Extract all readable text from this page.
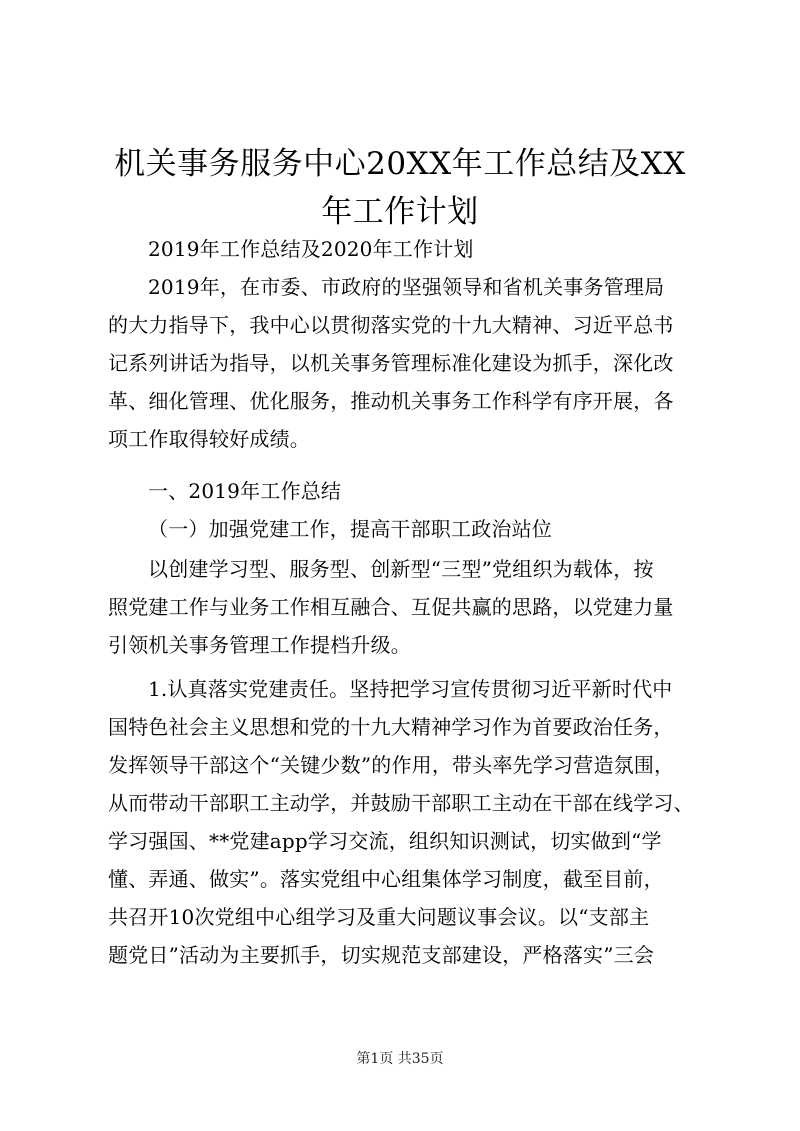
机关事务服务中心20XX年工作总结及XX年工作计划
2019年工作总结及2020年工作计划
2019年，在市委、市政府的坚强领导和省机关事务管理局
的大力指导下，我中心以贯彻落实党的十九大精神、习近平总书
记系列讲话为指导，以机关事务管理标准化建设为抓手，深化改
革、细化管理、优化服务，推动机关事务工作科学有序开展，各
项工作取得较好成绩。
一、2019年工作总结
（一）加强党建工作，提高干部职工政治站位
以创建学习型、服务型、创新型“三型”党组织为载体，按
照党建工作与业务工作相互融合、互促共赢的思路，以党建力量
引领机关事务管理工作提档升级。
1.认真落实党建责任。坚持把学习宣传贯彻习近平新时代中
国特色社会主义思想和党的十九大精神学习作为首要政治任务，
发挥领导干部这个“关键少数”的作用，带头率先学习营造氛围，
从而带动干部职工主动学，并鼓励干部职工主动在干部在线学习、
学习强国、**党建app学习交流，组织知识测试，切实做到“学
懂、弄通、做实”。落实党组中心组集体学习制度，截至目前，
共召开10次党组中心组学习及重大问题议事会议。以“支部主
题党日”活动为主要抓手，切实规范支部建设，严格落实”三会
第1页 共35页
